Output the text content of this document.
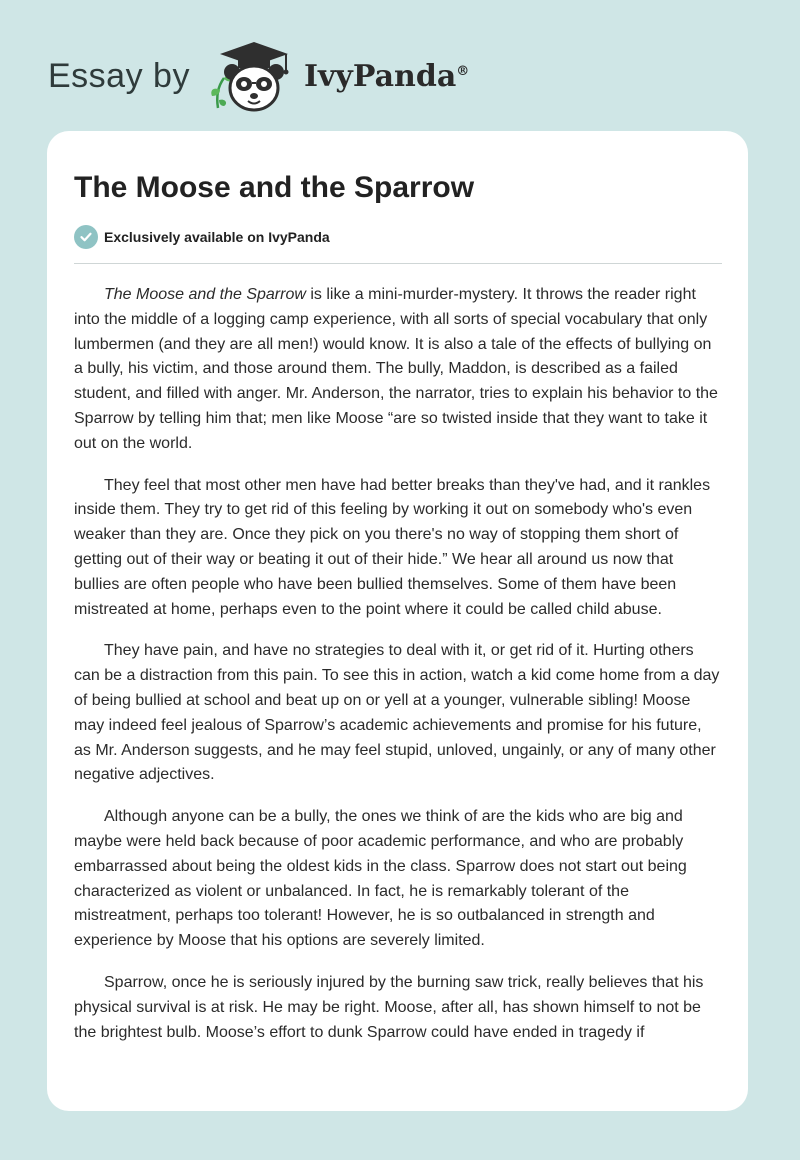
Essay by	IvyPanda®
The Moose and the Sparrow
Exclusively available on IvyPanda

The Moose and the Sparrow is like a mini-murder-mystery. It throws the reader right into the middle of a logging camp experience, with all sorts of special vocabulary that only lumbermen (and they are all men!) would know. It is also a tale of the effects of bullying on a bully, his victim, and those around them. The bully, Maddon, is described as a failed student, and filled with anger. Mr. Anderson, the narrator, tries to explain his behavior to the Sparrow by telling him that; men like Moose “are so twisted inside that they want to take it out on the world.

They feel that most other men have had better breaks than they've had, and it rankles inside them. They try to get rid of this feeling by working it out on somebody who's even weaker than they are. Once they pick on you there's no way of stopping them short of getting out of their way or beating it out of their hide.” We hear all around us now that bullies are often people who have been bullied themselves. Some of them have been mistreated at home, perhaps even to the point where it could be called child abuse.

They have pain, and have no strategies to deal with it, or get rid of it. Hurting others can be a distraction from this pain. To see this in action, watch a kid come home from a day of being bullied at school and beat up on or yell at a younger, vulnerable sibling! Moose may indeed feel jealous of Sparrow’s academic achievements and promise for his future, as Mr. Anderson suggests, and he may feel stupid, unloved, ungainly, or any of many other negative adjectives.

Although anyone can be a bully, the ones we think of are the kids who are big and maybe were held back because of poor academic performance, and who are probably embarrassed about being the oldest kids in the class. Sparrow does not start out being characterized as violent or unbalanced. In fact, he is remarkably tolerant of the mistreatment, perhaps too tolerant! However, he is so outbalanced in strength and experience by Moose that his options are severely limited.

Sparrow, once he is seriously injured by the burning saw trick, really believes that his physical survival is at risk. He may be right. Moose, after all, has shown himself to not be the brightest bulb. Moose’s effort to dunk Sparrow could have ended in tragedy if
